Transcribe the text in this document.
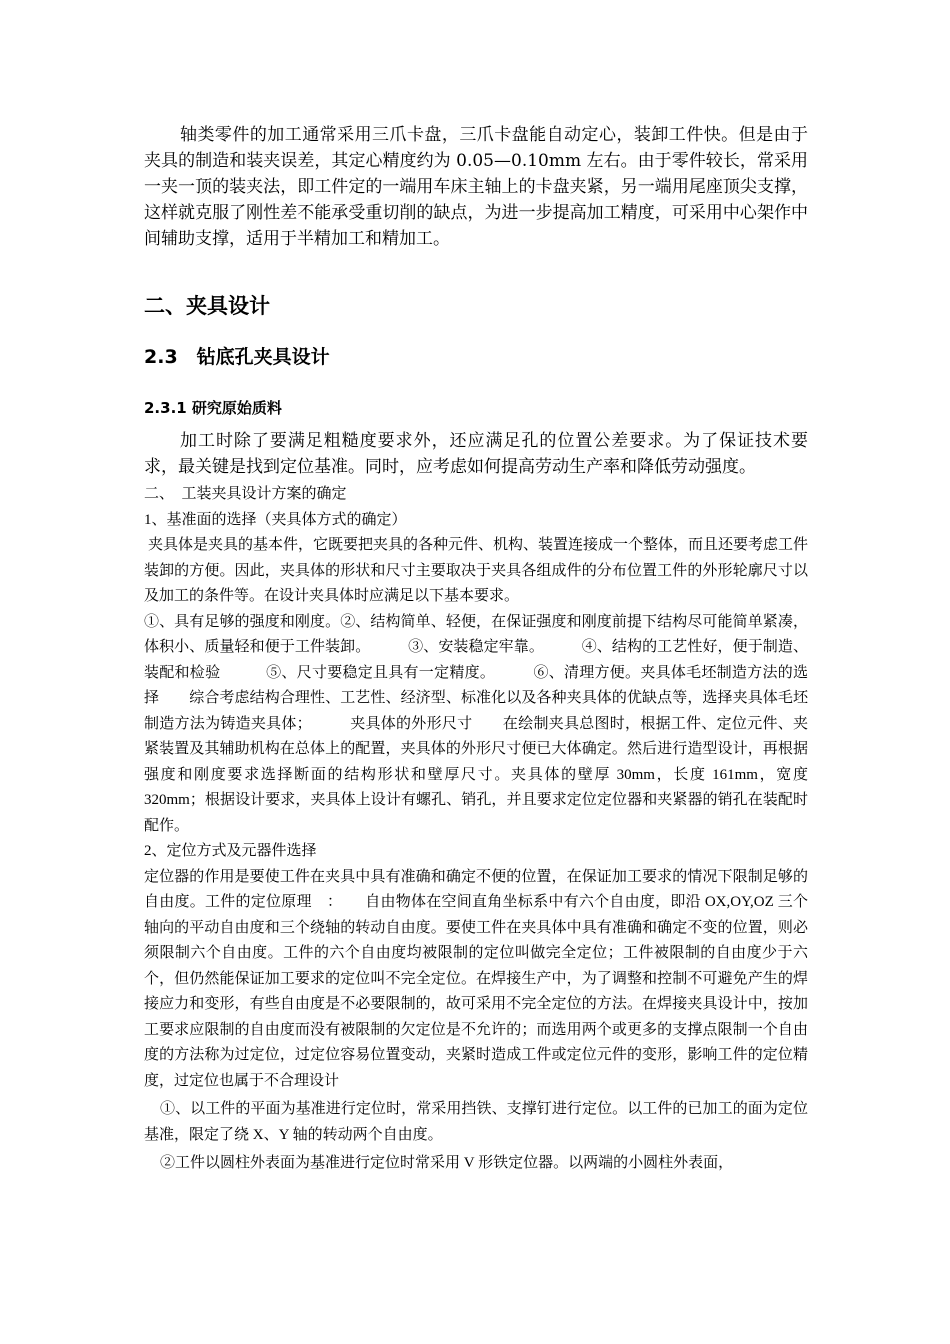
轴类零件的加工通常采用三爪卡盘，三爪卡盘能自动定心，装卸工件快。但是由于夹具的制造和装夹误差，其定心精度约为 0.05—0.10mm 左右。由于零件较长，常采用一夹一顶的装夹法，即工件定的一端用车床主轴上的卡盘夹紧，另一端用尾座顶尖支撑，这样就克服了刚性差不能承受重切削的缺点，为进一步提高加工精度，可采用中心架作中间辅助支撑，适用于半精加工和精加工。

二、夹具设计
2.3　钻底孔夹具设计
2.3.1 研究原始质料

加工时除了要满足粗糙度要求外，还应满足孔的位置公差要求。为了保证技术要求，最关键是找到定位基准。同时，应考虑如何提高劳动生产率和降低劳动强度。

二、　工装夹具设计方案的确定

1、基准面的选择（夹具体方式的确定）

夹具体是夹具的基本件，它既要把夹具的各种元件、机构、装置连接成一个整体，而且还要考虑工件装卸的方便。因此，夹具体的形状和尺寸主要取决于夹具各组成件的分布位置工件的外形轮廓尺寸以及加工的条件等。在设计夹具体时应满足以下基本要求。

①、具有足够的强度和刚度。②、结构简单、轻便，在保证强度和刚度前提下结构尽可能简单紧凑，体积小、质量轻和便于工件装卸。　　　③、安装稳定牢靠。　　　④、结构的工艺性好，便于制造、装配和检验　　　⑤、尺寸要稳定且具有一定精度。　　　⑥、清理方便。夹具体毛坯制造方法的选择　　综合考虑结构合理性、工艺性、经济型、标准化以及各种夹具体的优缺点等，选择夹具体毛坯制造方法为铸造夹具体；　　　夹具体的外形尺寸　　在绘制夹具总图时，根据工件、定位元件、夹紧装置及其辅助机构在总体上的配置，夹具体的外形尺寸便已大体确定。然后进行造型设计，再根据强度和刚度要求选择断面的结构形状和壁厚尺寸。夹具体的壁厚 30mm，长度 161mm，宽度 320mm；根据设计要求，夹具体上设计有螺孔、销孔，并且要求定位定位器和夹紧器的销孔在装配时配作。

2、定位方式及元器件选择

定位器的作用是要使工件在夹具中具有准确和确定不便的位置，在保证加工要求的情况下限制足够的自由度。工件的定位原理　：　　自由物体在空间直角坐标系中有六个自由度，即沿 OX,OY,OZ 三个轴向的平动自由度和三个绕轴的转动自由度。要使工件在夹具体中具有准确和确定不变的位置，则必须限制六个自由度。工件的六个自由度均被限制的定位叫做完全定位；工件被限制的自由度少于六个，但仍然能保证加工要求的定位叫不完全定位。在焊接生产中，为了调整和控制不可避免产生的焊接应力和变形，有些自由度是不必要限制的，故可采用不完全定位的方法。在焊接夹具设计中，按加工要求应限制的自由度而没有被限制的欠定位是不允许的；而选用两个或更多的支撑点限制一个自由度的方法称为过定位，过定位容易位置变动，夹紧时造成工件或定位元件的变形，影响工件的定位精度，过定位也属于不合理设计

①、以工件的平面为基准进行定位时，常采用挡铁、支撑钉进行定位。以工件的已加工的面为定位基准，限定了绕 X、Y 轴的转动两个自由度。

②工件以圆柱外表面为基准进行定位时常采用 V 形铁定位器。以两端的小圆柱外表面，
